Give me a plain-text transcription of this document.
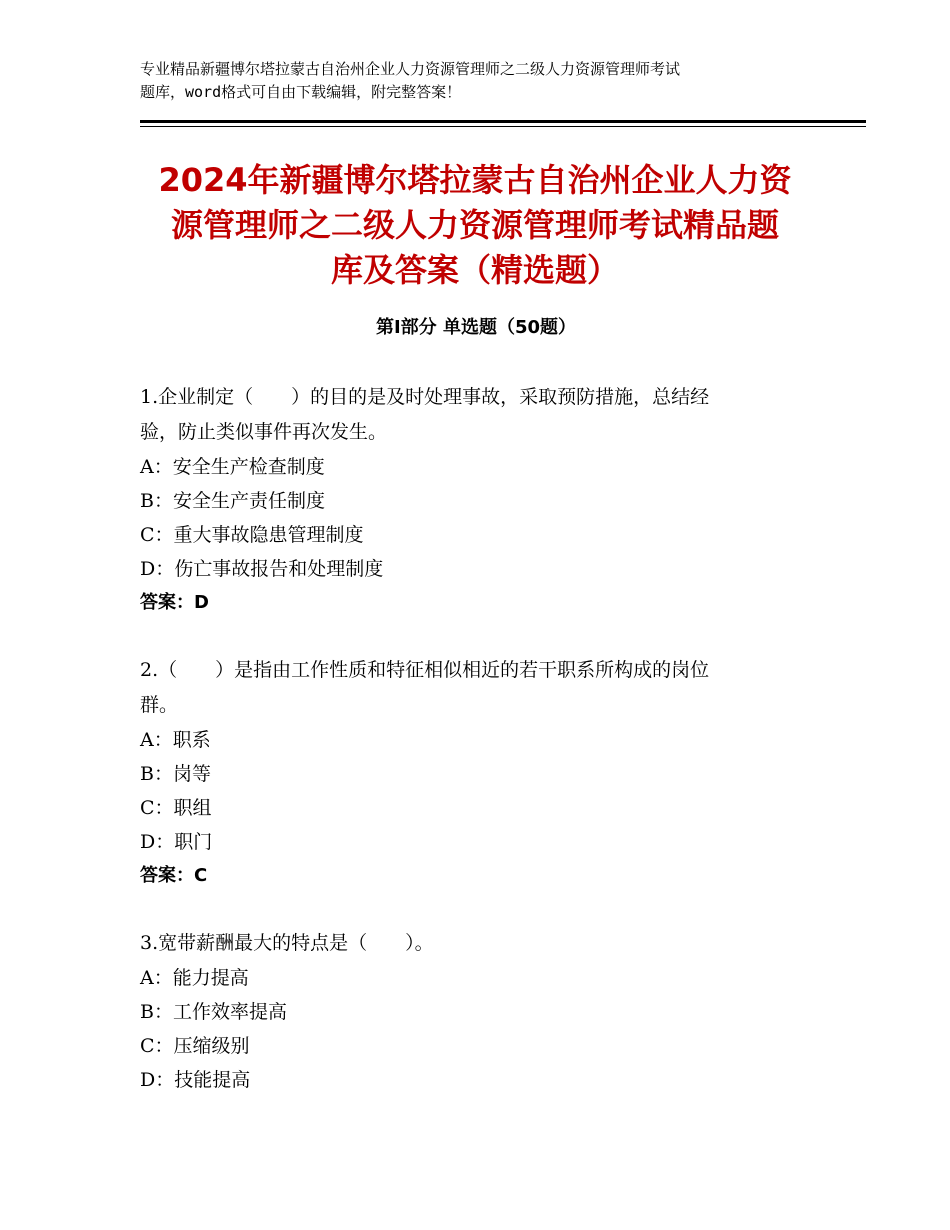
专业精品新疆博尔塔拉蒙古自治州企业人力资源管理师之二级人力资源管理师考试

题库，word格式可自由下载编辑，附完整答案！

2024年新疆博尔塔拉蒙古自治州企业人力资
源管理师之二级人力资源管理师考试精品题
库及答案（精选题）
第Ⅰ部分 单选题（50题）

1.企业制定（　　）的目的是及时处理事故，采取预防措施，总结经
验，防止类似事件再次发生。

A：安全生产检查制度

B：安全生产责任制度

C：重大事故隐患管理制度

D：伤亡事故报告和处理制度

答案：D

2.（　　）是指由工作性质和特征相似相近的若干职系所构成的岗位
群。

A：职系

B：岗等

C：职组

D：职门

答案：C

3.宽带薪酬最大的特点是（　　）。

A：能力提高

B：工作效率提高

C：压缩级别

D：技能提高
